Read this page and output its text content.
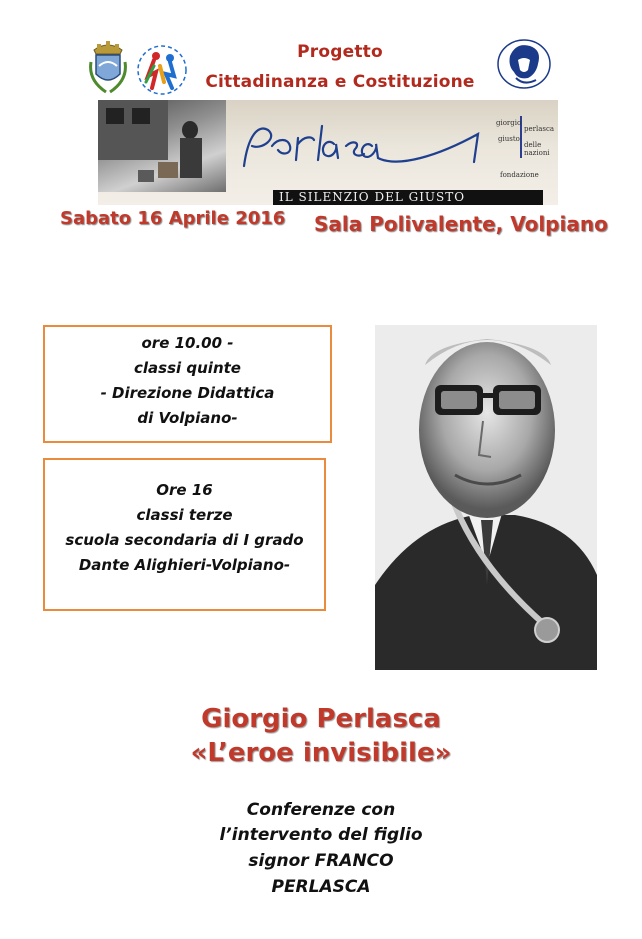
Progetto
Cittadinanza e Costituzione
IL SILENZIO DEL GIUSTO
giorgio
perlasca
giusto
delle
nazioni
fondazione
Sabato 16 Aprile 2016 Sala Polivalente, Volpiano
ore 10.00 -
classi quinte
- Direzione Didattica
di Volpiano-
Ore 16
classi terze
scuola secondaria di I grado
Dante Alighieri-Volpiano-
Giorgio Perlasca
«L’eroe invisibile»
Conferenze con
l’intervento del figlio
signor FRANCO
PERLASCA
